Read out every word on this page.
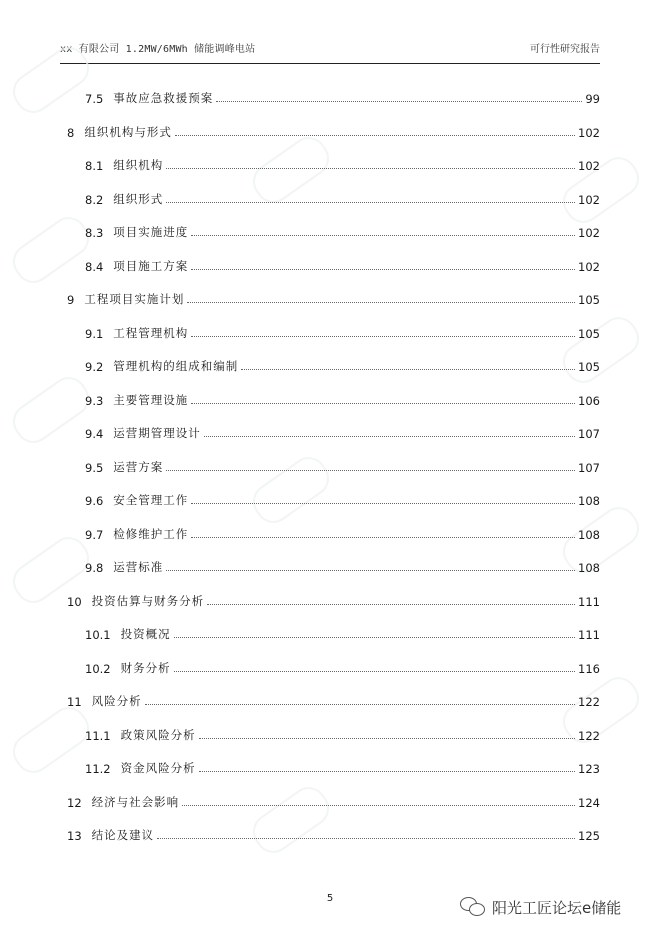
xx 有限公司 1.2MW/6MWh 储能调峰电站	可行性研究报告
7.5 事故应急救援预案	99
8 组织机构与形式	102
8.1 组织机构	102
8.2 组织形式	102
8.3 项目实施进度	102
8.4 项目施工方案	102
9 工程项目实施计划	105
9.1 工程管理机构	105
9.2 管理机构的组成和编制	105
9.3 主要管理设施	106
9.4 运营期管理设计	107
9.5 运营方案	107
9.6 安全管理工作	108
9.7 检修维护工作	108
9.8 运营标准	108
10 投资估算与财务分析	111
10.1 投资概况	111
10.2 财务分析	116
11 风险分析	122
11.1 政策风险分析	122
11.2 资金风险分析	123
12 经济与社会影响	124
13 结论及建议	125
5	阳光工匠论坛e储能
